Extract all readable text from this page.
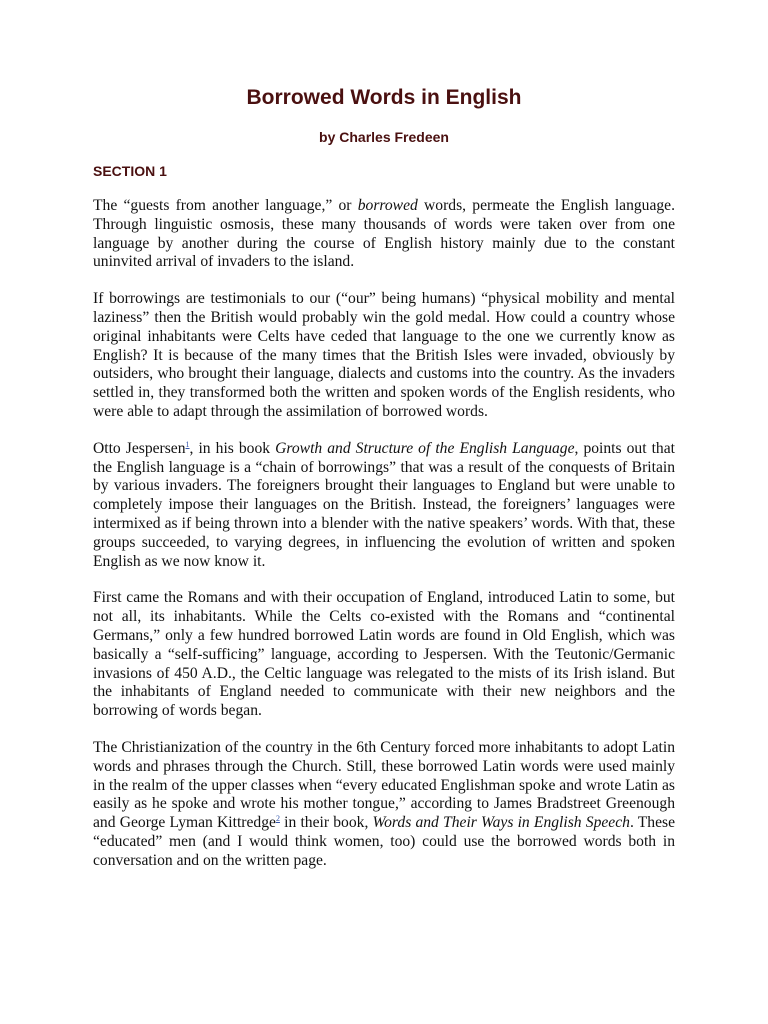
Borrowed Words in English
by Charles Fredeen
SECTION 1

The “guests from another language,” or borrowed words, permeate the English language. Through linguistic osmosis, these many thousands of words were taken over from one language by another during the course of English history mainly due to the constant uninvited arrival of invaders to the island.

If borrowings are testimonials to our (“our” being humans) “physical mobility and mental laziness” then the British would probably win the gold medal. How could a country whose original inhabitants were Celts have ceded that language to the one we currently know as English? It is because of the many times that the British Isles were invaded, obviously by outsiders, who brought their language, dialects and customs into the country. As the invaders settled in, they transformed both the written and spoken words of the English residents, who were able to adapt through the assimilation of borrowed words.

Otto Jespersen$^1$, in his book Growth and Structure of the English Language, points out that the English language is a “chain of borrowings” that was a result of the conquests of Britain by various invaders. The foreigners brought their languages to England but were unable to completely impose their languages on the British. Instead, the foreigners’ languages were intermixed as if being thrown into a blender with the native speakers’ words. With that, these groups succeeded, to varying degrees, in influencing the evolution of written and spoken English as we now know it.

First came the Romans and with their occupation of England, introduced Latin to some, but not all, its inhabitants. While the Celts co-existed with the Romans and “continental Germans,” only a few hundred borrowed Latin words are found in Old English, which was basically a “self-sufficing” language, according to Jespersen. With the Teutonic/Germanic invasions of 450 A.D., the Celtic language was relegated to the mists of its Irish island. But the inhabitants of England needed to communicate with their new neighbors and the borrowing of words began.

The Christianization of the country in the 6th Century forced more inhabitants to adopt Latin words and phrases through the Church. Still, these borrowed Latin words were used mainly in the realm of the upper classes when “every educated Englishman spoke and wrote Latin as easily as he spoke and wrote his mother tongue,” according to James Bradstreet Greenough and George Lyman Kittredge$^2$ in their book, Words and Their Ways in English Speech. These “educated” men (and I would think women, too) could use the borrowed words both in conversation and on the written page.
